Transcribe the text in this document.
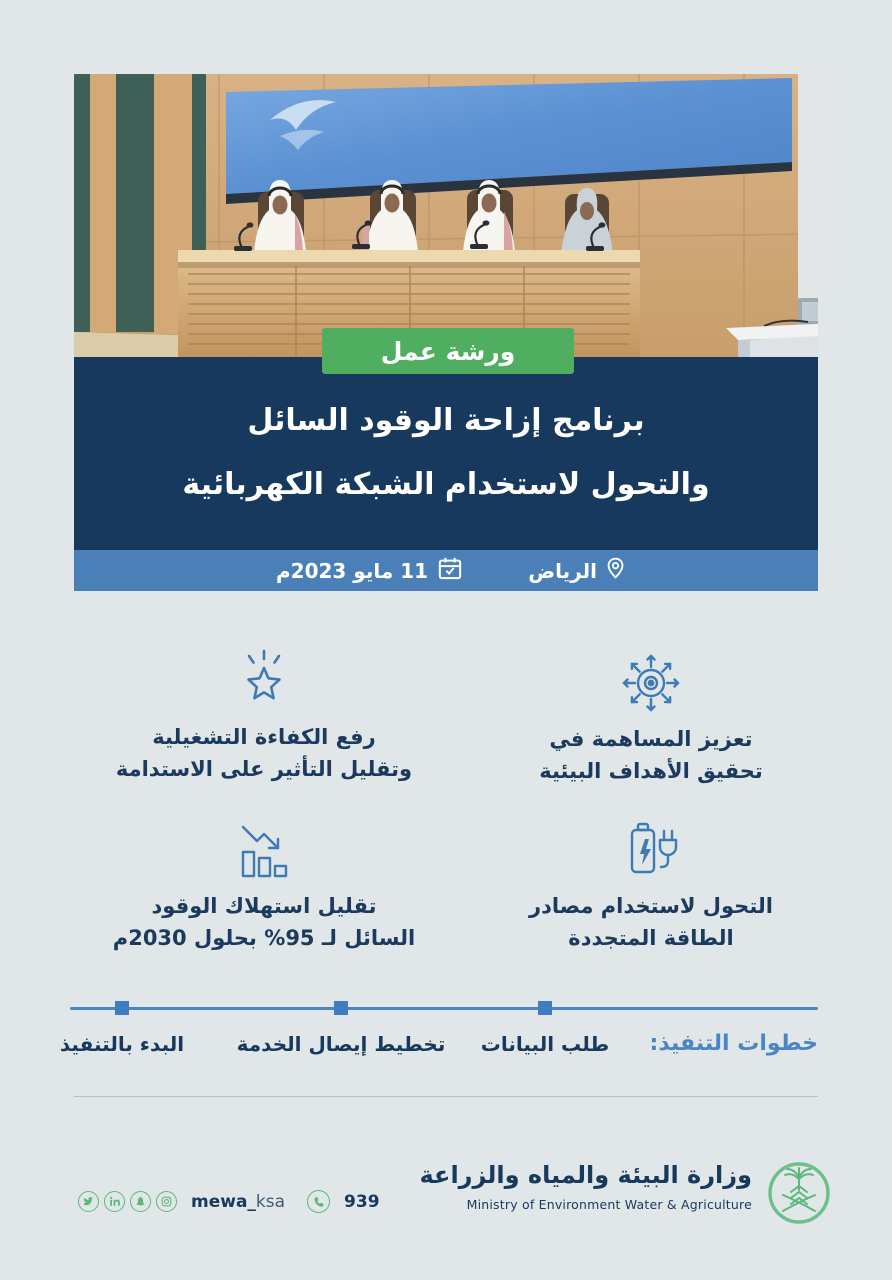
ورشة عمل
برنامج إزاحة الوقود السائل
والتحول لاستخدام الشبكة الكهربائية
الرياض
11 مايو 2023م
تعزيز المساهمة في
تحقيق الأهداف البيئية
رفع الكفاءة التشغيلية
وتقليل التأثير على الاستدامة
التحول لاستخدام مصادر
الطاقة المتجددة
تقليل استهلاك الوقود
السائل لـ 95% بحلول 2030م
خطوات التنفيذ:
طلب البيانات
تخطيط إيصال الخدمة
البدء بالتنفيذ
وزارة البيئة والمياه والزراعة
Ministry of Environment Water & Agriculture
mewa_ksa	939
